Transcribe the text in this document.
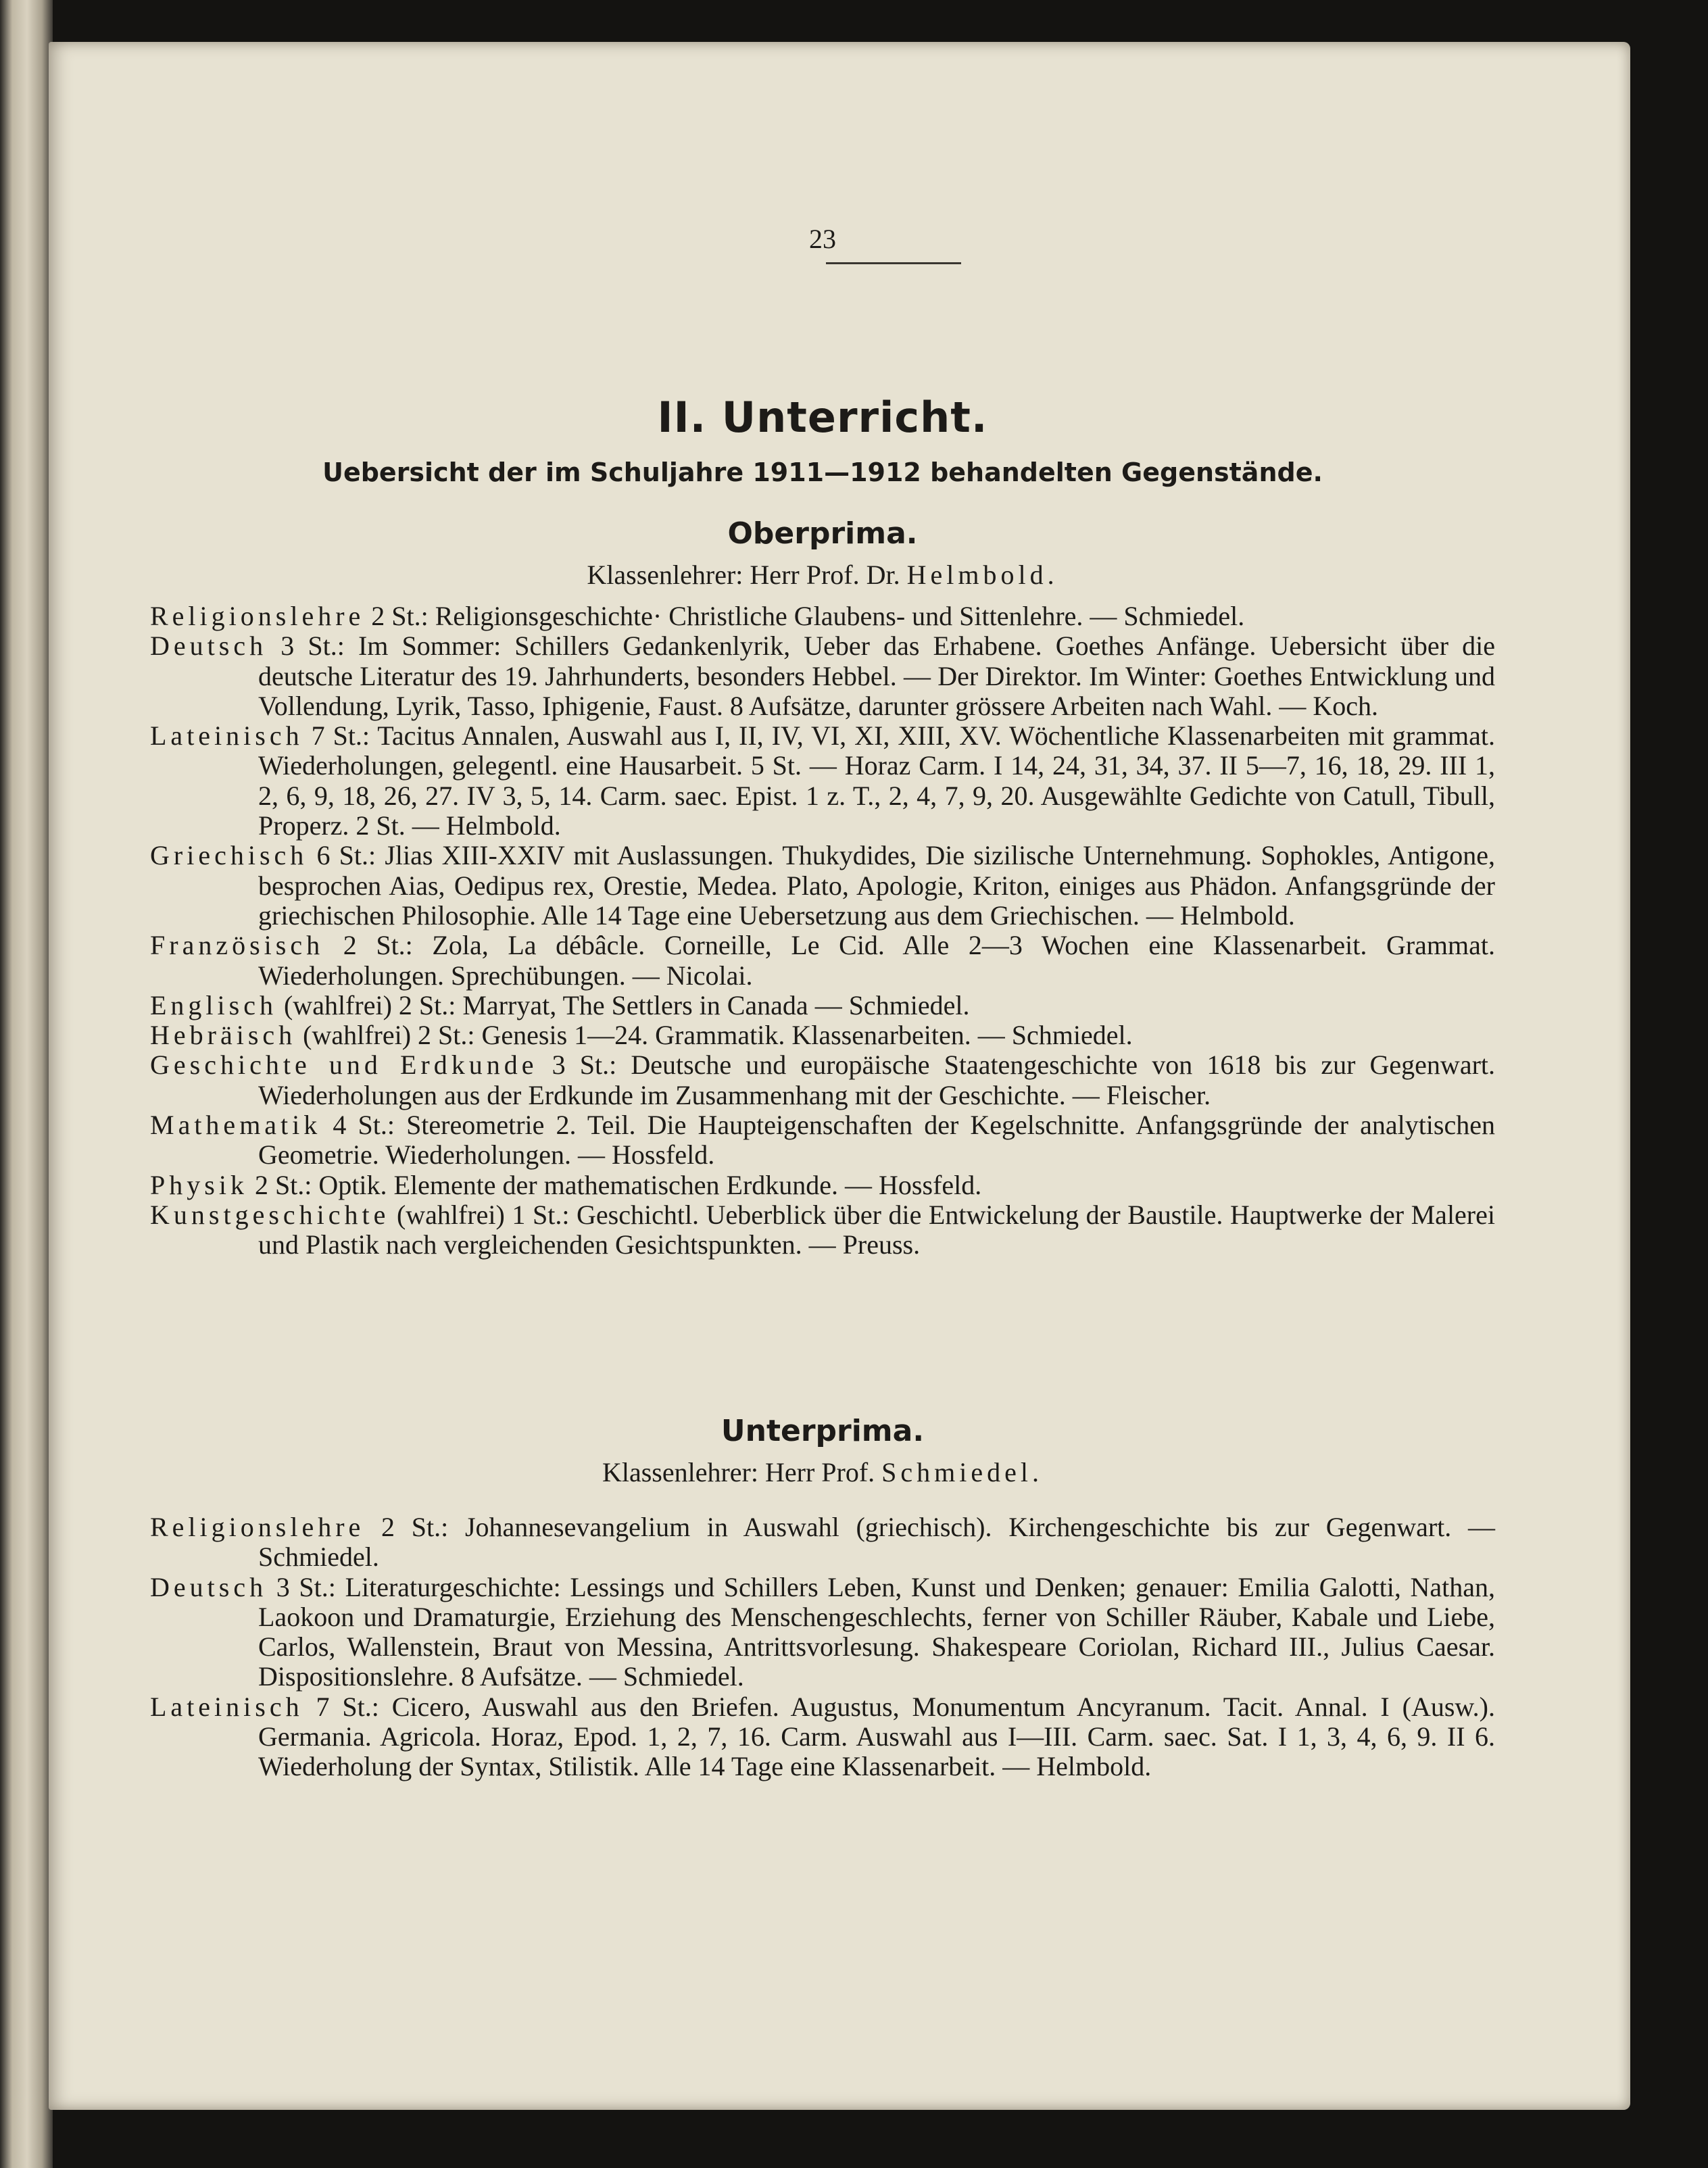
23
II. Unterricht.
Uebersicht der im Schuljahre 1911—1912 behandelten Gegenstände.
Oberprima.
Klassenlehrer: Herr Prof. Dr. Helmbold.
Religionslehre 2 St.: Religionsgeschichte· Christliche Glaubens- und Sittenlehre. — Schmiedel.
Deutsch 3 St.: Im Sommer: Schillers Gedankenlyrik, Ueber das Erhabene. Goethes Anfänge. Uebersicht über die deutsche Literatur des 19. Jahrhunderts, besonders Hebbel. — Der Direktor. Im Winter: Goethes Entwicklung und Vollendung, Lyrik, Tasso, Iphigenie, Faust. 8 Aufsätze, darunter grössere Arbeiten nach Wahl. — Koch.
Lateinisch 7 St.: Tacitus Annalen, Auswahl aus I, II, IV, VI, XI, XIII, XV. Wöchentliche Klassenarbeiten mit grammat. Wiederholungen, gelegentl. eine Hausarbeit. 5 St. — Horaz Carm. I 14, 24, 31, 34, 37. II 5—7, 16, 18, 29. III 1, 2, 6, 9, 18, 26, 27. IV 3, 5, 14. Carm. saec. Epist. 1 z. T., 2, 4, 7, 9, 20. Ausgewählte Gedichte von Catull, Tibull, Properz. 2 St. — Helmbold.
Griechisch 6 St.: Jlias XIII-XXIV mit Auslassungen. Thukydides, Die sizilische Unternehmung. Sophokles, Antigone, besprochen Aias, Oedipus rex, Orestie, Medea. Plato, Apologie, Kriton, einiges aus Phädon. Anfangsgründe der griechischen Philosophie. Alle 14 Tage eine Uebersetzung aus dem Griechischen. — Helmbold.
Französisch 2 St.: Zola, La débâcle. Corneille, Le Cid. Alle 2—3 Wochen eine Klassenarbeit. Grammat. Wiederholungen. Sprechübungen. — Nicolai.
Englisch (wahlfrei) 2 St.: Marryat, The Settlers in Canada — Schmiedel.
Hebräisch (wahlfrei) 2 St.: Genesis 1—24. Grammatik. Klassenarbeiten. — Schmiedel.
Geschichte und Erdkunde 3 St.: Deutsche und europäische Staatengeschichte von 1618 bis zur Gegenwart. Wiederholungen aus der Erdkunde im Zusammenhang mit der Geschichte. — Fleischer.
Mathematik 4 St.: Stereometrie 2. Teil. Die Haupteigenschaften der Kegelschnitte. Anfangsgründe der analytischen Geometrie. Wiederholungen. — Hossfeld.
Physik 2 St.: Optik. Elemente der mathematischen Erdkunde. — Hossfeld.
Kunstgeschichte (wahlfrei) 1 St.: Geschichtl. Ueberblick über die Entwickelung der Baustile. Hauptwerke der Malerei und Plastik nach vergleichenden Gesichtspunkten. — Preuss.
Unterprima.
Klassenlehrer: Herr Prof. Schmiedel.
Religionslehre 2 St.: Johannesevangelium in Auswahl (griechisch). Kirchengeschichte bis zur Gegenwart. — Schmiedel.
Deutsch 3 St.: Literaturgeschichte: Lessings und Schillers Leben, Kunst und Denken; genauer: Emilia Galotti, Nathan, Laokoon und Dramaturgie, Erziehung des Menschengeschlechts, ferner von Schiller Räuber, Kabale und Liebe, Carlos, Wallenstein, Braut von Messina, Antrittsvorlesung. Shakespeare Coriolan, Richard III., Julius Caesar. Dispositionslehre. 8 Aufsätze. — Schmiedel.
Lateinisch 7 St.: Cicero, Auswahl aus den Briefen. Augustus, Monumentum Ancyranum. Tacit. Annal. I (Ausw.). Germania. Agricola. Horaz, Epod. 1, 2, 7, 16. Carm. Auswahl aus I—III. Carm. saec. Sat. I 1, 3, 4, 6, 9. II 6. Wiederholung der Syntax, Stilistik. Alle 14 Tage eine Klassenarbeit. — Helmbold.
